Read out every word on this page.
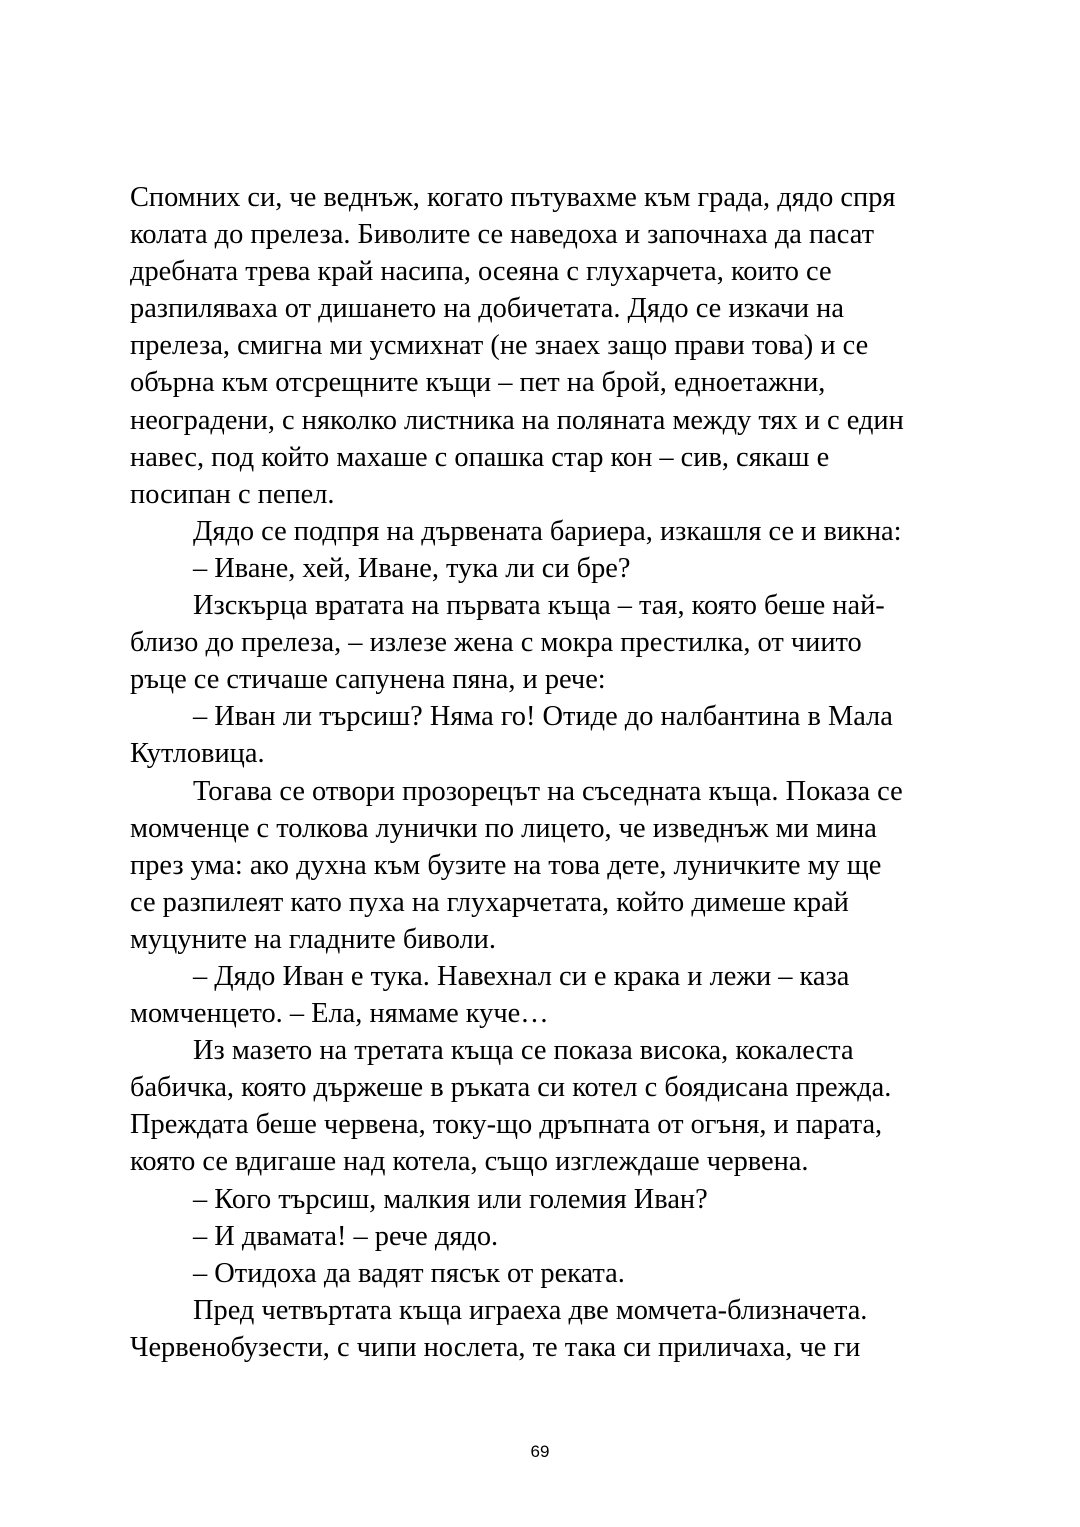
Спомних си, че веднъж, когато пътувахме към града, дядо спря
колата до прелеза. Биволите се наведоха и започнаха да пасат
дребната трева край насипа, осеяна с глухарчета, които се
разпиляваха от дишането на добичетата. Дядо се изкачи на
прелеза, смигна ми усмихнат (не знаех защо прави това) и се
обърна към отсрещните къщи – пет на брой, едноетажни,
неоградени, с няколко листника на поляната между тях и с един
навес, под който махаше с опашка стар кон – сив, сякаш е
посипан с пепел.
Дядо се подпря на дървената бариера, изкашля се и викна:
– Иване, хей, Иване, тука ли си бре?
Изскърца вратата на първата къща – тая, която беше най-
близо до прелеза, – излезе жена с мокра престилка, от чиито
ръце се стичаше сапунена пяна, и рече:
– Иван ли търсиш? Няма го! Отиде до налбантина в Мала
Кутловица.
Тогава се отвори прозорецът на съседната къща. Показа се
момченце с толкова лунички по лицето, че изведнъж ми мина
през ума: ако духна към бузите на това дете, луничките му ще
се разпилеят като пуха на глухарчетата, който димеше край
муцуните на гладните биволи.
– Дядо Иван е тука. Навехнал си е крака и лежи – каза
момченцето. – Ела, нямаме куче…
Из мазето на третата къща се показа висока, кокалеста
бабичка, която държеше в ръката си котел с боядисана прежда.
Преждата беше червена, току-що дръпната от огъня, и парата,
която се вдигаше над котела, също изглеждаше червена.
– Кого търсиш, малкия или големия Иван?
– И двамата! – рече дядо.
– Отидоха да вадят пясък от реката.
Пред четвъртата къща играеха две момчета-близначета.
Червенобузести, с чипи нослета, те така си приличаха, че ги
69
